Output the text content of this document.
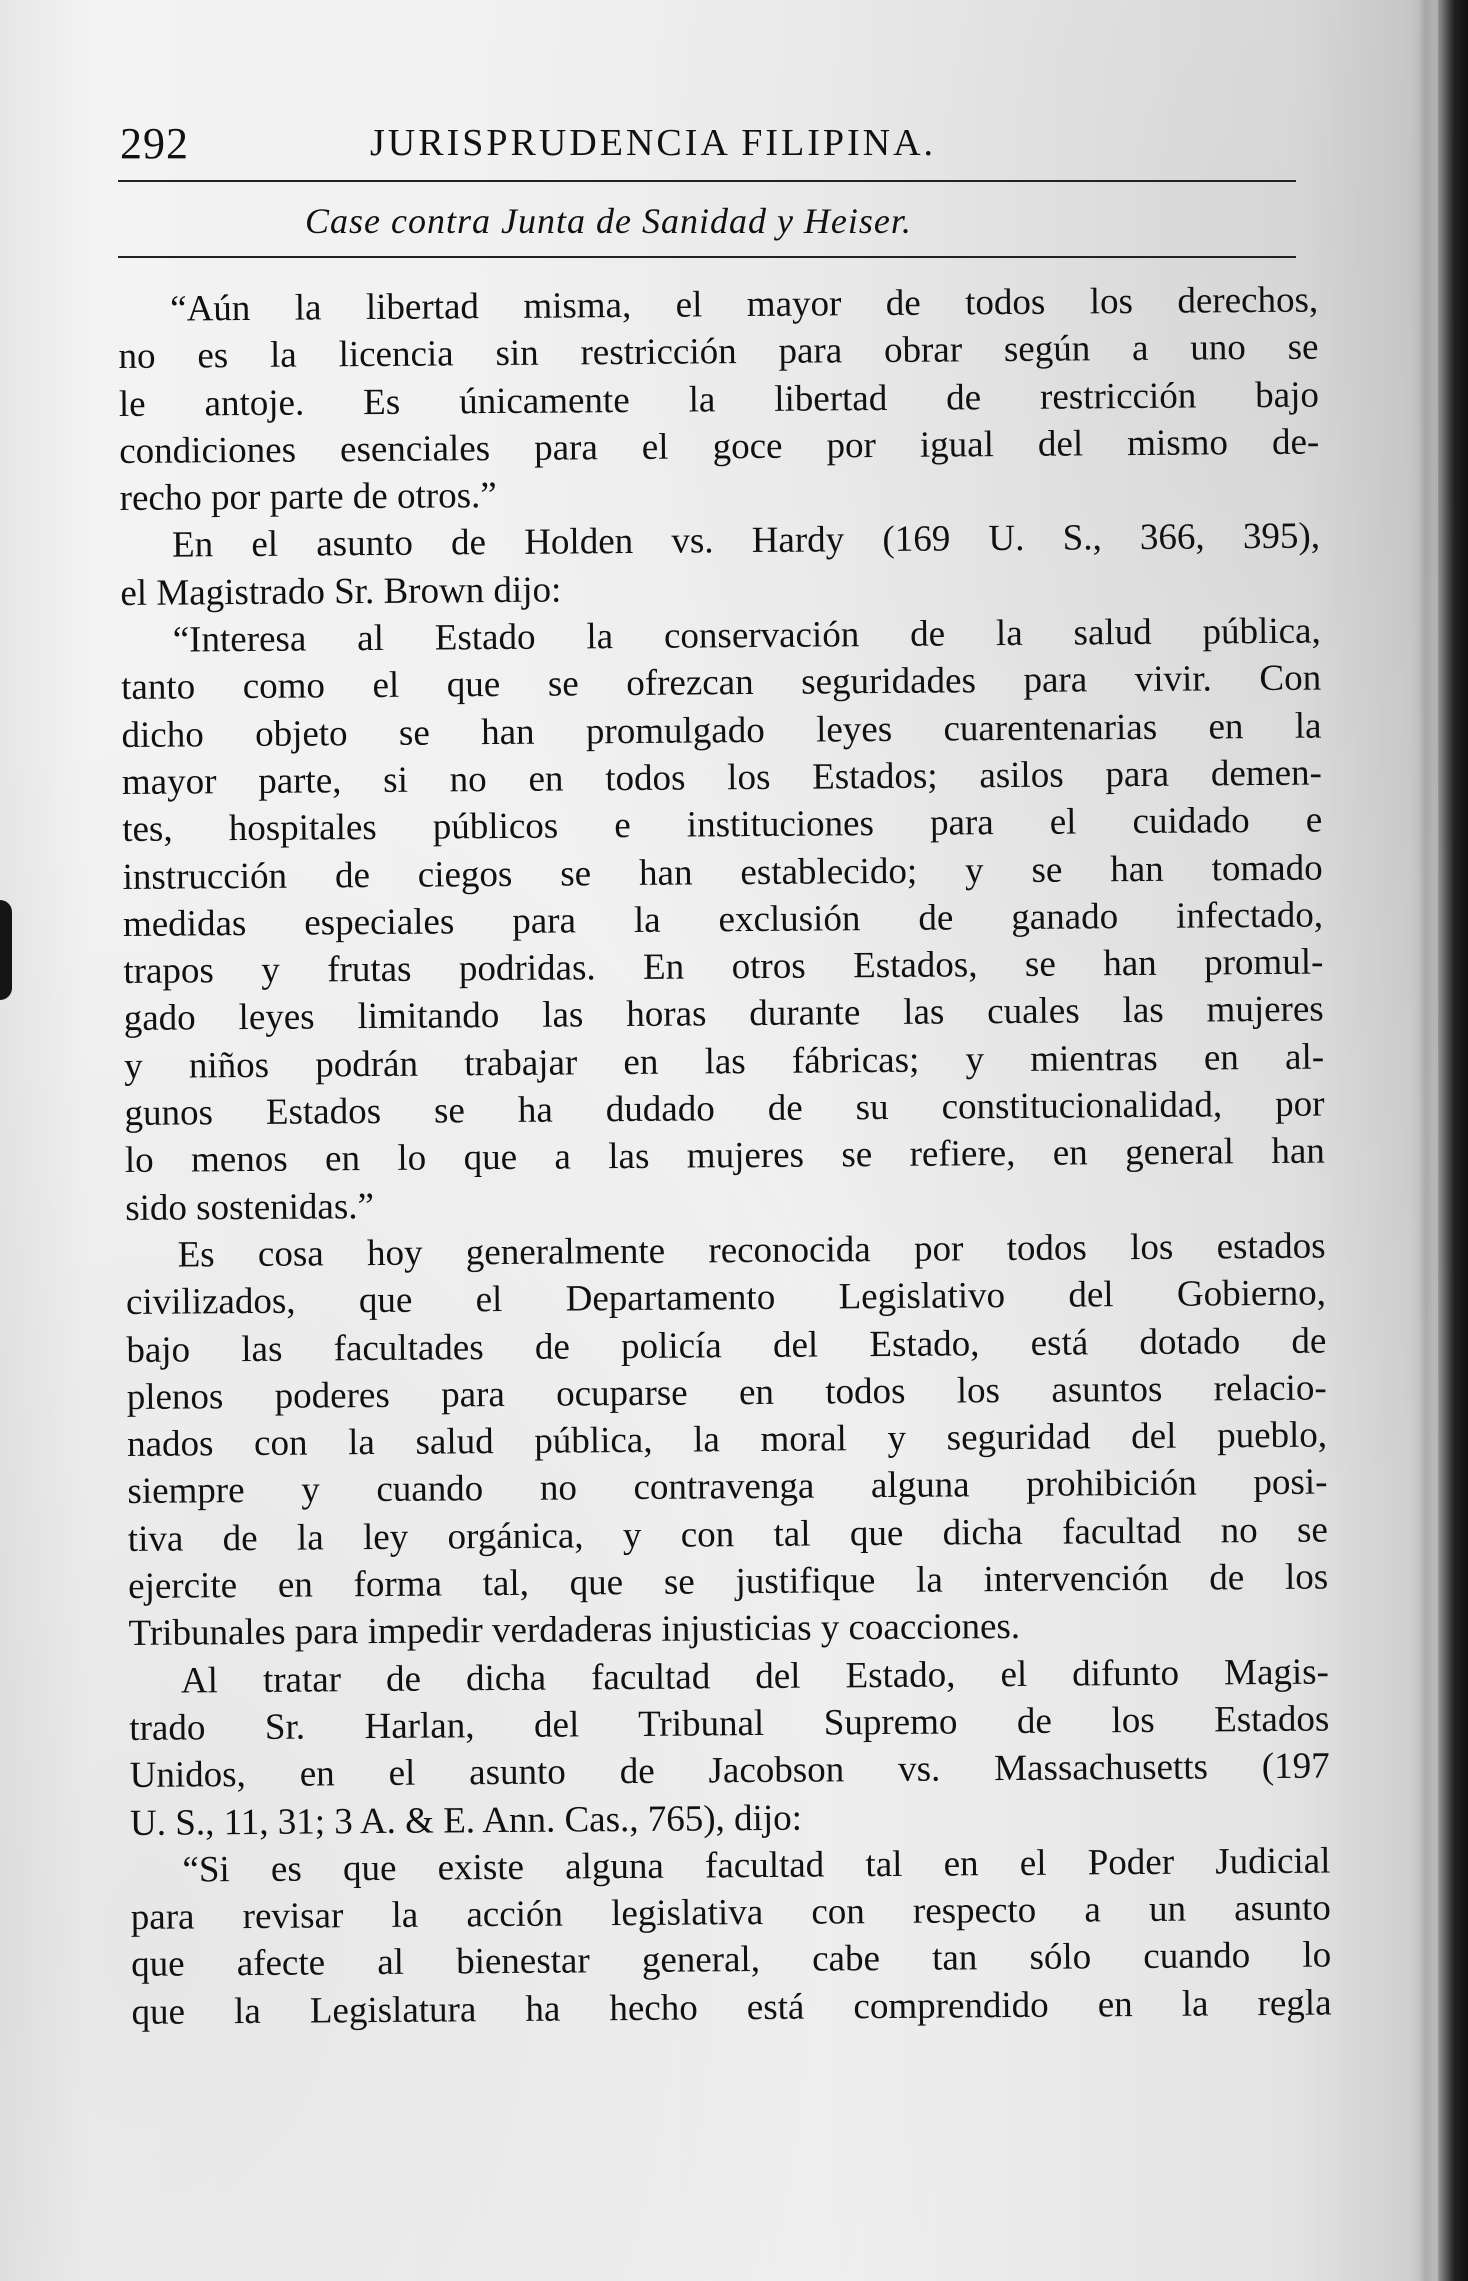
292	JURISPRUDENCIA FILIPINA.
Case contra Junta de Sanidad y Heiser.
“Aún la libertad misma, el mayor de todos los derechos,
no es la licencia sin restricción para obrar según a uno se
le antoje. Es únicamente la libertad de restricción bajo
condiciones esenciales para el goce por igual del mismo de-
recho por parte de otros.”
En el asunto de Holden vs. Hardy (169 U. S., 366, 395),
el Magistrado Sr. Brown dijo:
“Interesa al Estado la conservación de la salud pública,
tanto como el que se ofrezcan seguridades para vivir. Con
dicho objeto se han promulgado leyes cuarentenarias en la
mayor parte, si no en todos los Estados; asilos para demen-
tes, hospitales públicos e instituciones para el cuidado e
instrucción de ciegos se han establecido; y se han tomado
medidas especiales para la exclusión de ganado infectado,
trapos y frutas podridas. En otros Estados, se han promul-
gado leyes limitando las horas durante las cuales las mujeres
y niños podrán trabajar en las fábricas; y mientras en al-
gunos Estados se ha dudado de su constitucionalidad, por
lo menos en lo que a las mujeres se refiere, en general han
sido sostenidas.”
Es cosa hoy generalmente reconocida por todos los estados
civilizados, que el Departamento Legislativo del Gobierno,
bajo las facultades de policía del Estado, está dotado de
plenos poderes para ocuparse en todos los asuntos relacio-
nados con la salud pública, la moral y seguridad del pueblo,
siempre y cuando no contravenga alguna prohibición posi-
tiva de la ley orgánica, y con tal que dicha facultad no se
ejercite en forma tal, que se justifique la intervención de los
Tribunales para impedir verdaderas injusticias y coacciones.
Al tratar de dicha facultad del Estado, el difunto Magis-
trado Sr. Harlan, del Tribunal Supremo de los Estados
Unidos, en el asunto de Jacobson vs. Massachusetts (197
U. S., 11, 31; 3 A. & E. Ann. Cas., 765), dijo:
“Si es que existe alguna facultad tal en el Poder Judicial
para revisar la acción legislativa con respecto a un asunto
que afecte al bienestar general, cabe tan sólo cuando lo
que la Legislatura ha hecho está comprendido en la regla
